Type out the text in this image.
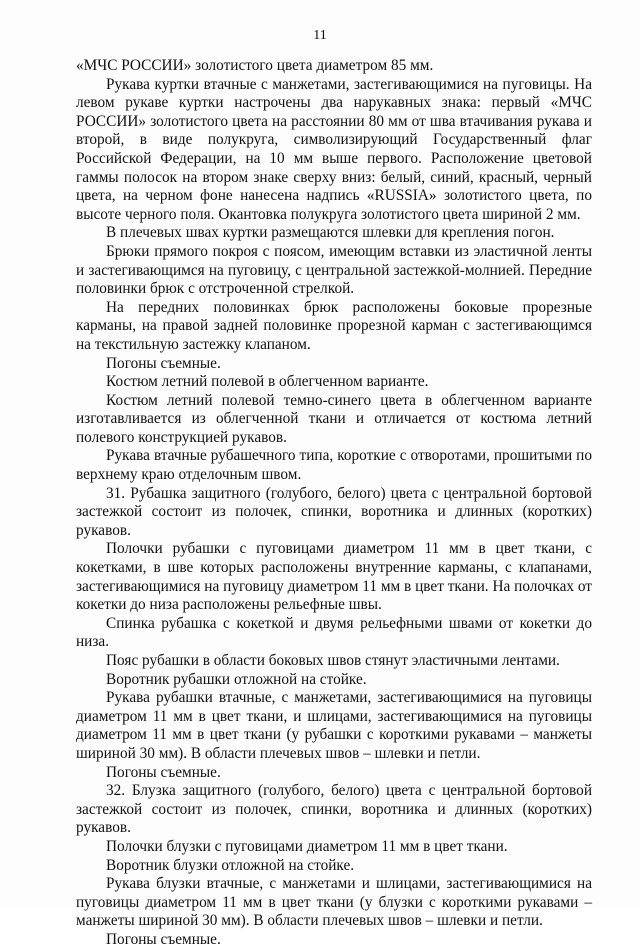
11

«МЧС РОССИИ» золотистого цвета диаметром 85 мм.

Рукава куртки втачные с манжетами, застегивающимися на пуговицы. На левом рукаве куртки настрочены два нарукавных знака: первый «МЧС РОССИИ» золотистого цвета на расстоянии 80 мм от шва втачивания рукава и второй, в виде полукруга, символизирующий Государственный флаг Российской Федерации, на 10 мм выше первого. Расположение цветовой гаммы полосок на втором знаке сверху вниз: белый, синий, красный, черный цвета, на черном фоне нанесена надпись «RUSSIA» золотистого цвета, по высоте черного поля. Окантовка полукруга золотистого цвета шириной 2 мм.

В плечевых швах куртки размещаются шлевки для крепления погон.

Брюки прямого покроя с поясом, имеющим вставки из эластичной ленты и застегивающимся на пуговицу, с центральной застежкой-молнией. Передние половинки брюк с отстроченной стрелкой.

На передних половинках брюк расположены боковые прорезные карманы, на правой задней половинке прорезной карман с застегивающимся на текстильную застежку клапаном.

Погоны съемные.

Костюм летний полевой в облегченном варианте.

Костюм летний полевой темно-синего цвета в облегченном варианте изготавливается из облегченной ткани и отличается от костюма летний полевого конструкцией рукавов.

Рукава втачные рубашечного типа, короткие с отворотами, прошитыми по верхнему краю отделочным швом.

31. Рубашка защитного (голубого, белого) цвета с центральной бортовой застежкой состоит из полочек, спинки, воротника и длинных (коротких) рукавов.

Полочки рубашки с пуговицами диаметром 11 мм в цвет ткани, с кокетками, в шве которых расположены внутренние карманы, с клапанами, застегивающимися на пуговицу диаметром 11 мм в цвет ткани. На полочках от кокетки до низа расположены рельефные швы.

Спинка рубашка с кокеткой и двумя рельефными швами от кокетки до низа.

Пояс рубашки в области боковых швов стянут эластичными лентами.

Воротник рубашки отложной на стойке.

Рукава рубашки втачные, с манжетами, застегивающимися на пуговицы диаметром 11 мм в цвет ткани, и шлицами, застегивающимися на пуговицы диаметром 11 мм в цвет ткани (у рубашки с короткими рукавами – манжеты шириной 30 мм). В области плечевых швов – шлевки и петли.

Погоны съемные.

32. Блузка защитного (голубого, белого) цвета с центральной бортовой застежкой состоит из полочек, спинки, воротника и длинных (коротких) рукавов.

Полочки блузки с пуговицами диаметром 11 мм в цвет ткани.

Воротник блузки отложной на стойке.

Рукава блузки втачные, с манжетами и шлицами, застегивающимися на пуговицы диаметром 11 мм в цвет ткани (у блузки с короткими рукавами – манжеты шириной 30 мм). В области плечевых швов – шлевки и петли.

Погоны съемные.
